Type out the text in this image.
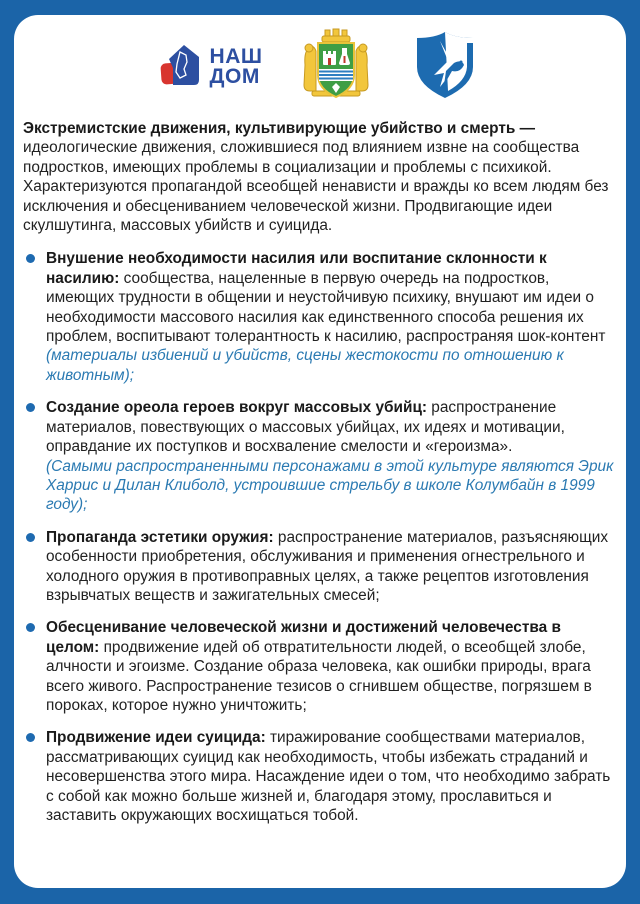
НАШ
ДОМ

Экстремистские движения, культивирующие убийство и смерть — идеологические движения, сложившиеся под влиянием извне на сообщества подростков, имеющих проблемы в социализации и проблемы с психикой. Характеризуются пропагандой всеобщей ненависти и вражды ко всем людям без исключения и обесцениванием человеческой жизни. Продвигающие идеи скулшутинга, массовых убийств и суицида.

Внушение необходимости насилия или воспитание склонности к насилию: сообщества, нацеленные в первую очередь на подростков, имеющих трудности в общении и неустойчивую психику, внушают им идеи о необходимости массового насилия как единственного способа решения их проблем, воспитывают толерантность к насилию, распространяя шок-контент (материалы избиений и убийств, сцены жестокости по отношению к животным);
Создание ореола героев вокруг массовых убийц: распространение материалов, повествующих о массовых убийцах, их идеях и мотивации, оправдание их поступков и восхваление смелости и «героизма».
(Самыми распространенными персонажами в этой культуре являются Эрик Харрис и Дилан Клиболд, устроившие стрельбу в школе Колумбайн в 1999 году);
Пропаганда эстетики оружия: распространение материалов, разъясняющих особенности приобретения, обслуживания и применения огнестрельного и холодного оружия в противоправных целях, а также рецептов изготовления взрывчатых веществ и зажигательных смесей;
Обесценивание человеческой жизни и достижений человечества в целом: продвижение идей об отвратительности людей, о всеобщей злобе, алчности и эгоизме. Создание образа человека, как ошибки природы, врага всего живого. Распространение тезисов о сгнившем обществе, погрязшем в пороках, которое нужно уничтожить;
Продвижение идеи суицида: тиражирование сообществами материалов, рассматривающих суицид как необходимость, чтобы избежать страданий и несовершенства этого мира. Насаждение идеи о том, что необходимо забрать с собой как можно больше жизней и, благодаря этому, прославиться и заставить окружающих восхищаться тобой.
